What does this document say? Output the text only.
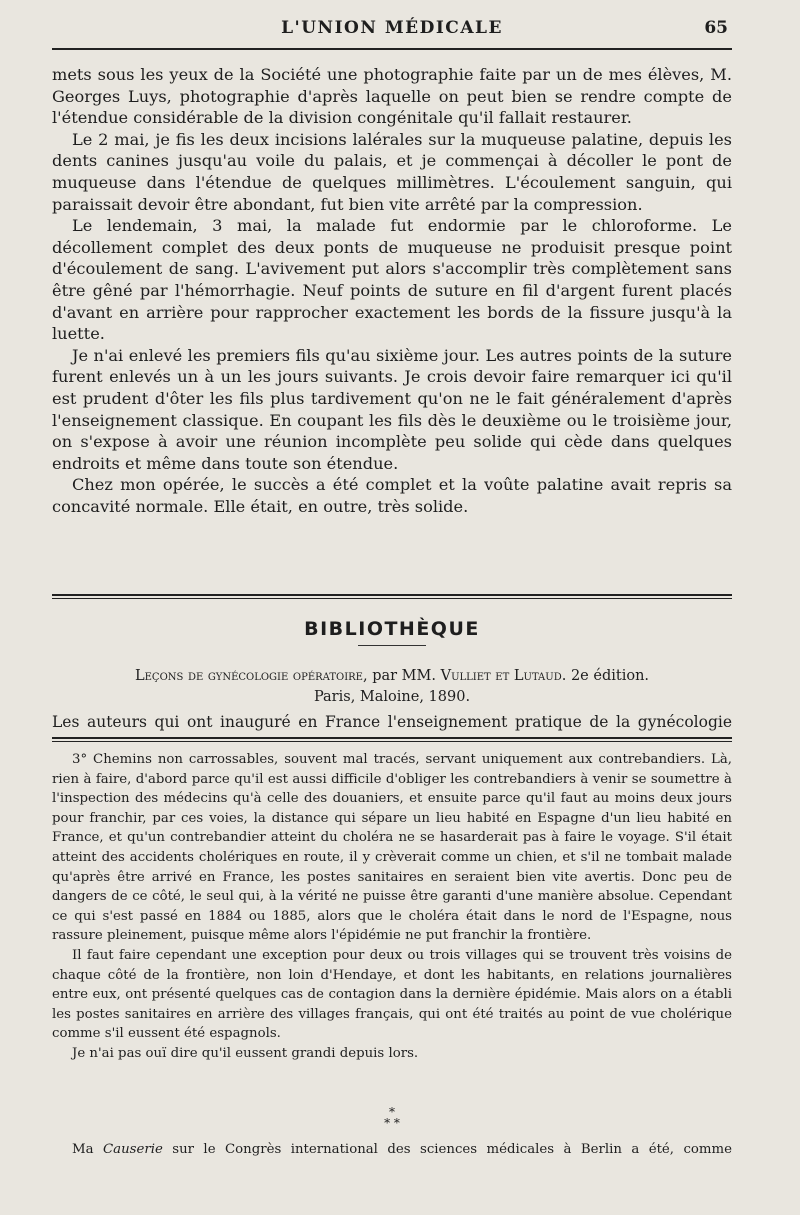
L'UNION MÉDICALE	65

mets sous les yeux de la Société une photographie faite par un de mes élèves, M. Georges Luys, photographie d'après laquelle on peut bien se rendre compte de l'étendue considérable de la division congénitale qu'il fallait restaurer.

Le 2 mai, je fis les deux incisions lalérales sur la muqueuse palatine, depuis les dents canines jusqu'au voile du palais, et je commençai à décoller le pont de muqueuse dans l'étendue de quelques millimètres. L'écoulement sanguin, qui paraissait devoir être abondant, fut bien vite arrêté par la compression.

Le lendemain, 3 mai, la malade fut endormie par le chloroforme. Le décollement complet des deux ponts de muqueuse ne produisit presque point d'écoulement de sang. L'avivement put alors s'accomplir très complètement sans être gêné par l'hémorrhagie. Neuf points de suture en fil d'argent furent placés d'avant en arrière pour rapprocher exactement les bords de la fissure jusqu'à la luette.

Je n'ai enlevé les premiers fils qu'au sixième jour. Les autres points de la suture furent enlevés un à un les jours suivants. Je crois devoir faire remarquer ici qu'il est prudent d'ôter les fils plus tardivement qu'on ne le fait généralement d'après l'enseignement classique. En coupant les fils dès le deuxième ou le troisième jour, on s'expose à avoir une réunion incomplète peu solide qui cède dans quelques endroits et même dans toute son étendue.

Chez mon opérée, le succès a été complet et la voûte palatine avait repris sa concavité normale. Elle était, en outre, très solide.

BIBLIOTHÈQUE
Leçons de gynécologie opératoire, par MM. Vulliet et Lutaud. 2e édition.
Paris, Maloine, 1890.
Les auteurs qui ont inauguré en France l'enseignement pratique de la gynécologie

3° Chemins non carrossables, souvent mal tracés, servant uniquement aux contrebandiers. Là, rien à faire, d'abord parce qu'il est aussi difficile d'obliger les contrebandiers à venir se soumettre à l'inspection des médecins qu'à celle des douaniers, et ensuite parce qu'il faut au moins deux jours pour franchir, par ces voies, la distance qui sépare un lieu habité en Espagne d'un lieu habité en France, et qu'un contrebandier atteint du choléra ne se hasarderait pas à faire le voyage. S'il était atteint des accidents cholériques en route, il y crèverait comme un chien, et s'il ne tombait malade qu'après être arrivé en France, les postes sanitaires en seraient bien vite avertis. Donc peu de dangers de ce côté, le seul qui, à la vérité ne puisse être garanti d'une manière absolue. Cependant ce qui s'est passé en 1884 ou 1885, alors que le choléra était dans le nord de l'Espagne, nous rassure pleinement, puisque même alors l'épidémie ne put franchir la frontière.

Il faut faire cependant une exception pour deux ou trois villages qui se trouvent très voisins de chaque côté de la frontière, non loin d'Hendaye, et dont les habitants, en relations journalières entre eux, ont présenté quelques cas de contagion dans la dernière épidémie. Mais alors on a établi les postes sanitaires en arrière des villages français, qui ont été traités au point de vue cholérique comme s'il eussent été espagnols.

Je n'ai pas ouï dire qu'il eussent grandi depuis lors.

*
* *
Ma Causerie sur le Congrès international des sciences médicales à Berlin a été, comme
